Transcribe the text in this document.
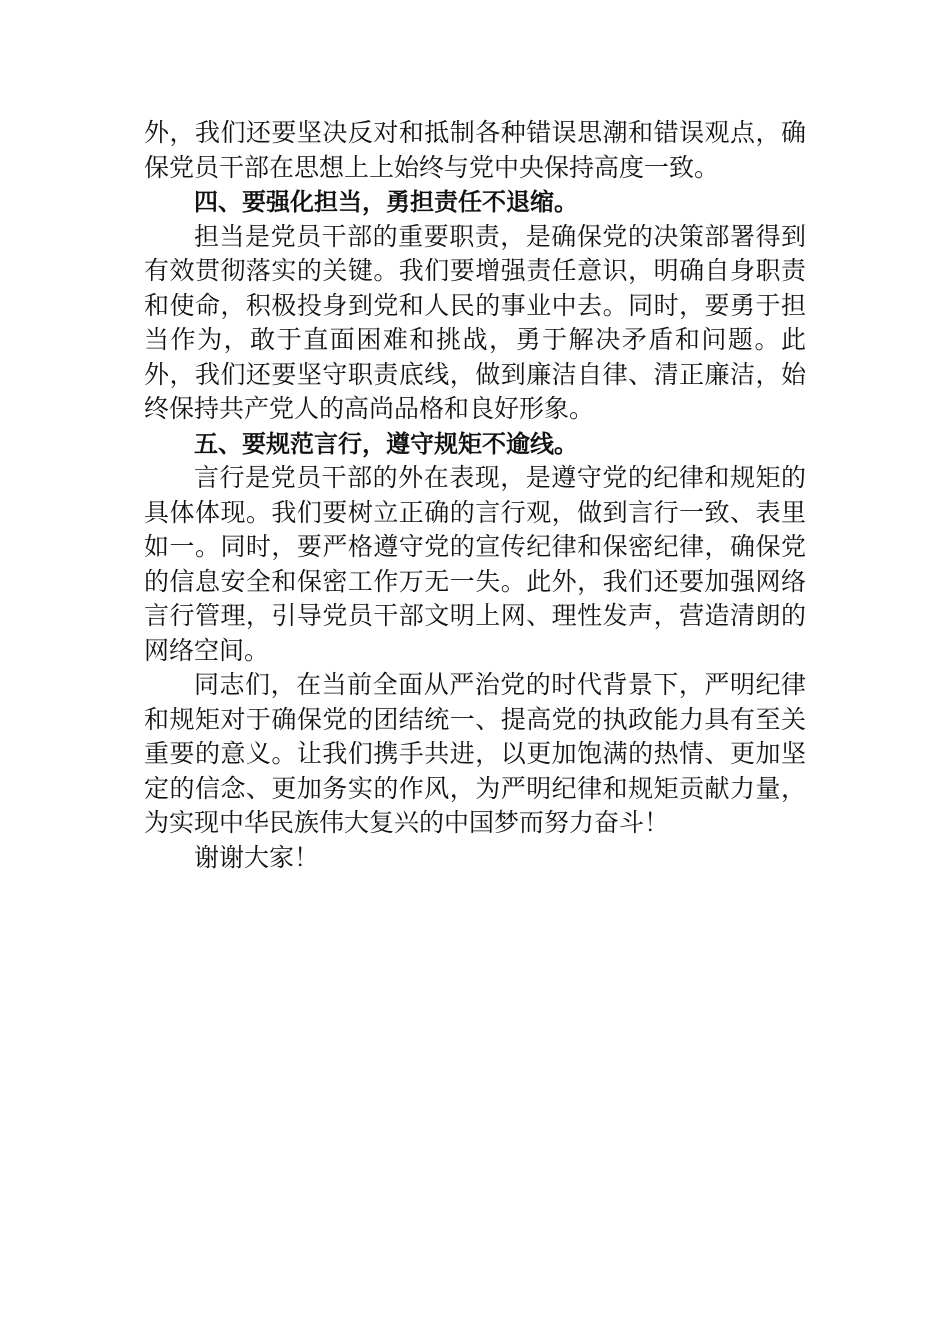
外，我们还要坚决反对和抵制各种错误思潮和错误观点，确保党员干部在思想上上始终与党中央保持高度一致。

四、要强化担当，勇担责任不退缩。

担当是党员干部的重要职责，是确保党的决策部署得到有效贯彻落实的关键。我们要增强责任意识，明确自身职责和使命，积极投身到党和人民的事业中去。同时，要勇于担当作为，敢于直面困难和挑战，勇于解决矛盾和问题。此外，我们还要坚守职责底线，做到廉洁自律、清正廉洁，始终保持共产党人的高尚品格和良好形象。

五、要规范言行，遵守规矩不逾线。

言行是党员干部的外在表现，是遵守党的纪律和规矩的具体体现。我们要树立正确的言行观，做到言行一致、表里如一。同时，要严格遵守党的宣传纪律和保密纪律，确保党的信息安全和保密工作万无一失。此外，我们还要加强网络言行管理，引导党员干部文明上网、理性发声，营造清朗的网络空间。

同志们，在当前全面从严治党的时代背景下，严明纪律和规矩对于确保党的团结统一、提高党的执政能力具有至关重要的意义。让我们携手共进，以更加饱满的热情、更加坚定的信念、更加务实的作风，为严明纪律和规矩贡献力量，为实现中华民族伟大复兴的中国梦而努力奋斗！

谢谢大家！
